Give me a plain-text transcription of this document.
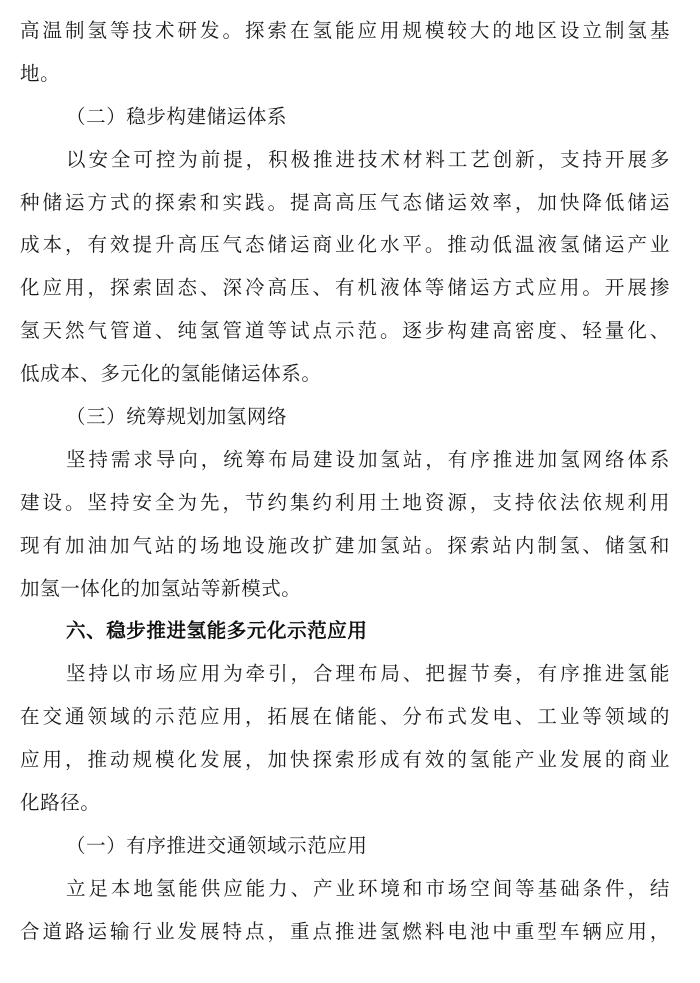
高温制氢等技术研发。探索在氢能应用规模较大的地区设立制氢基
地。
（二）稳步构建储运体系
以安全可控为前提，积极推进技术材料工艺创新，支持开展多
种储运方式的探索和实践。提高高压气态储运效率，加快降低储运
成本，有效提升高压气态储运商业化水平。推动低温液氢储运产业
化应用，探索固态、深冷高压、有机液体等储运方式应用。开展掺
氢天然气管道、纯氢管道等试点示范。逐步构建高密度、轻量化、
低成本、多元化的氢能储运体系。
（三）统筹规划加氢网络
坚持需求导向，统筹布局建设加氢站，有序推进加氢网络体系
建设。坚持安全为先，节约集约利用土地资源，支持依法依规利用
现有加油加气站的场地设施改扩建加氢站。探索站内制氢、储氢和
加氢一体化的加氢站等新模式。
六、稳步推进氢能多元化示范应用
坚持以市场应用为牵引，合理布局、把握节奏，有序推进氢能
在交通领域的示范应用，拓展在储能、分布式发电、工业等领域的
应用，推动规模化发展，加快探索形成有效的氢能产业发展的商业
化路径。
（一）有序推进交通领域示范应用
立足本地氢能供应能力、产业环境和市场空间等基础条件，结
合道路运输行业发展特点，重点推进氢燃料电池中重型车辆应用，
